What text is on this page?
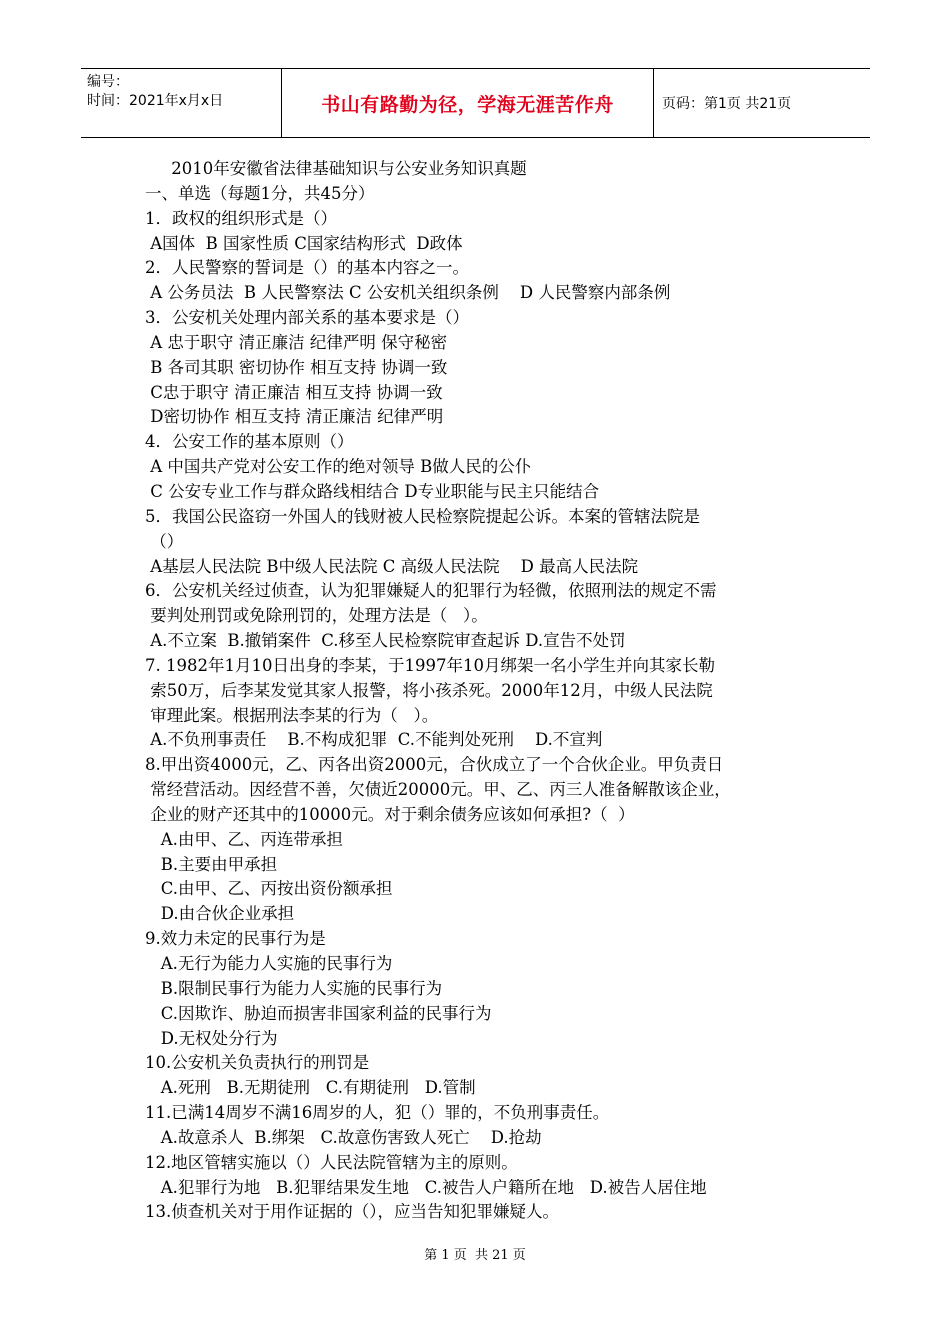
编号：
时间：2021年x月x日	书山有路勤为径，学海无涯苦作舟	页码：第1页 共21页
2010年安徽省法律基础知识与公安业务知识真题
一、单选（每题1分，共45分）
1．政权的组织形式是（）
A国体  B 国家性质 C国家结构形式  D政体
2．人民警察的誓词是（）的基本内容之一。
A 公务员法  B 人民警察法 C 公安机关组织条例    D 人民警察内部条例
3．公安机关处理内部关系的基本要求是（）
A 忠于职守 清正廉洁 纪律严明 保守秘密
B 各司其职 密切协作 相互支持 协调一致
C忠于职守 清正廉洁 相互支持 协调一致
D密切协作 相互支持 清正廉洁 纪律严明
4．公安工作的基本原则（）
A 中国共产党对公安工作的绝对领导 B做人民的公仆
C 公安专业工作与群众路线相结合 D专业职能与民主只能结合
5．我国公民盗窃一外国人的钱财被人民检察院提起公诉。本案的管辖法院是
（）
A基层人民法院 B中级人民法院 C 高级人民法院    D 最高人民法院
6．公安机关经过侦查，认为犯罪嫌疑人的犯罪行为轻微，依照刑法的规定不需
要判处刑罚或免除刑罚的，处理方法是（   ）。
A.不立案  B.撤销案件  C.移至人民检察院审查起诉 D.宣告不处罚
7. 1982年1月10日出身的李某，于1997年10月绑架一名小学生并向其家长勒
索50万，后李某发觉其家人报警，将小孩杀死。2000年12月，中级人民法院
审理此案。根据刑法李某的行为（   ）。
A.不负刑事责任    B.不构成犯罪  C.不能判处死刑    D.不宣判
8.甲出资4000元，乙、丙各出资2000元，合伙成立了一个合伙企业。甲负责日
常经营活动。因经营不善，欠债近20000元。甲、乙、丙三人准备解散该企业，
企业的财产还其中的10000元。对于剩余债务应该如何承担?（  ）
A.由甲、乙、丙连带承担
B.主要由甲承担
C.由甲、乙、丙按出资份额承担
D.由合伙企业承担
9.效力未定的民事行为是
A.无行为能力人实施的民事行为
B.限制民事行为能力人实施的民事行为
C.因欺诈、胁迫而损害非国家利益的民事行为
D.无权处分行为
10.公安机关负责执行的刑罚是
A.死刑   B.无期徒刑   C.有期徒刑   D.管制
11.已满14周岁不满16周岁的人，犯（）罪的，不负刑事责任。
A.故意杀人  B.绑架   C.故意伤害致人死亡    D.抢劫
12.地区管辖实施以（）人民法院管辖为主的原则。
A.犯罪行为地   B.犯罪结果发生地   C.被告人户籍所在地   D.被告人居住地
13.侦查机关对于用作证据的（），应当告知犯罪嫌疑人。
第 1 页  共 21 页
